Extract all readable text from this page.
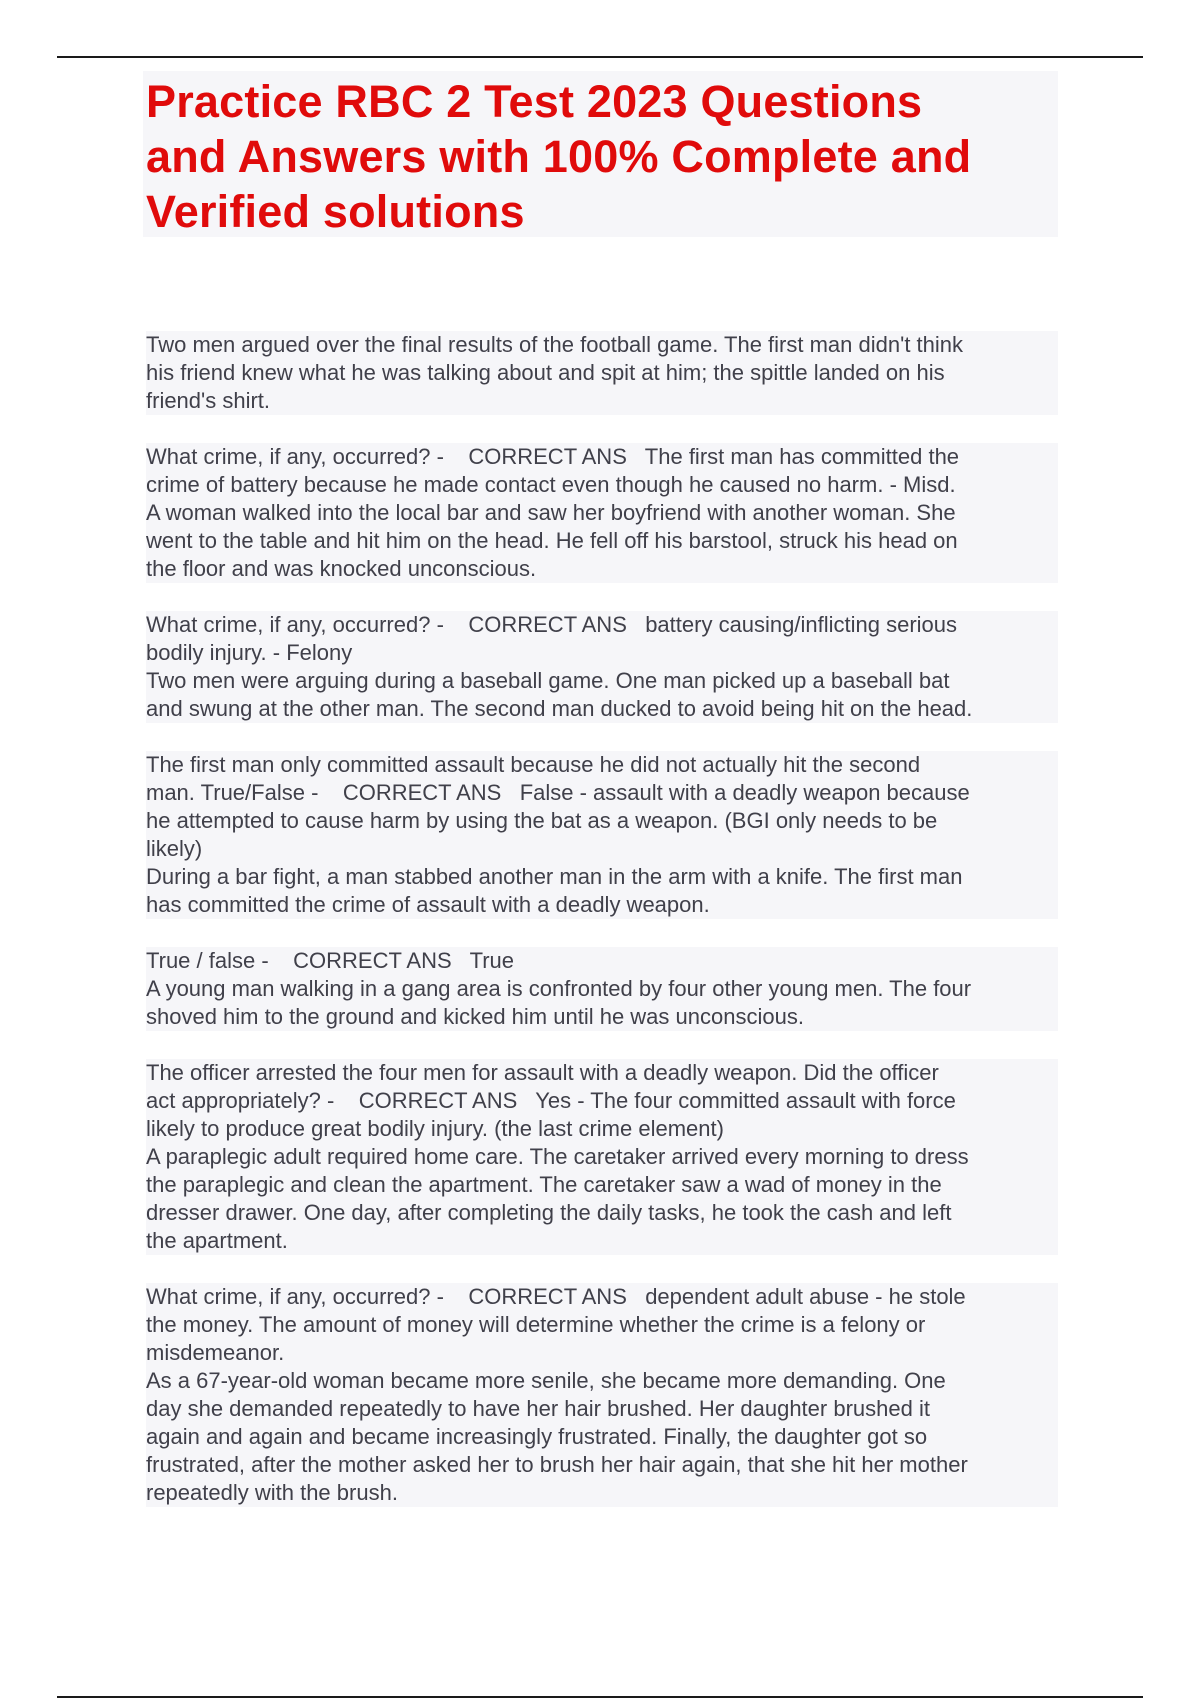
Practice RBC 2 Test 2023 Questions
and Answers with 100% Complete and
Verified solutions

Two men argued over the final results of the football game. The first man didn't think
his friend knew what he was talking about and spit at him; the spittle landed on his
friend's shirt.

What crime, if any, occurred? -    CORRECT ANS   The first man has committed the
crime of battery because he made contact even though he caused no harm. - Misd.
A woman walked into the local bar and saw her boyfriend with another woman. She
went to the table and hit him on the head. He fell off his barstool, struck his head on
the floor and was knocked unconscious.

What crime, if any, occurred? -    CORRECT ANS   battery causing/inflicting serious
bodily injury. - Felony
Two men were arguing during a baseball game. One man picked up a baseball bat
and swung at the other man. The second man ducked to avoid being hit on the head.

The first man only committed assault because he did not actually hit the second
man. True/False -    CORRECT ANS   False - assault with a deadly weapon because
he attempted to cause harm by using the bat as a weapon. (BGI only needs to be
likely)
During a bar fight, a man stabbed another man in the arm with a knife. The first man
has committed the crime of assault with a deadly weapon.

True / false -    CORRECT ANS   True
A young man walking in a gang area is confronted by four other young men. The four
shoved him to the ground and kicked him until he was unconscious.

The officer arrested the four men for assault with a deadly weapon. Did the officer
act appropriately? -    CORRECT ANS   Yes - The four committed assault with force
likely to produce great bodily injury. (the last crime element)
A paraplegic adult required home care. The caretaker arrived every morning to dress
the paraplegic and clean the apartment. The caretaker saw a wad of money in the
dresser drawer. One day, after completing the daily tasks, he took the cash and left
the apartment.

What crime, if any, occurred? -    CORRECT ANS   dependent adult abuse - he stole
the money. The amount of money will determine whether the crime is a felony or
misdemeanor.
As a 67-year-old woman became more senile, she became more demanding. One
day she demanded repeatedly to have her hair brushed. Her daughter brushed it
again and again and became increasingly frustrated. Finally, the daughter got so
frustrated, after the mother asked her to brush her hair again, that she hit her mother
repeatedly with the brush.
